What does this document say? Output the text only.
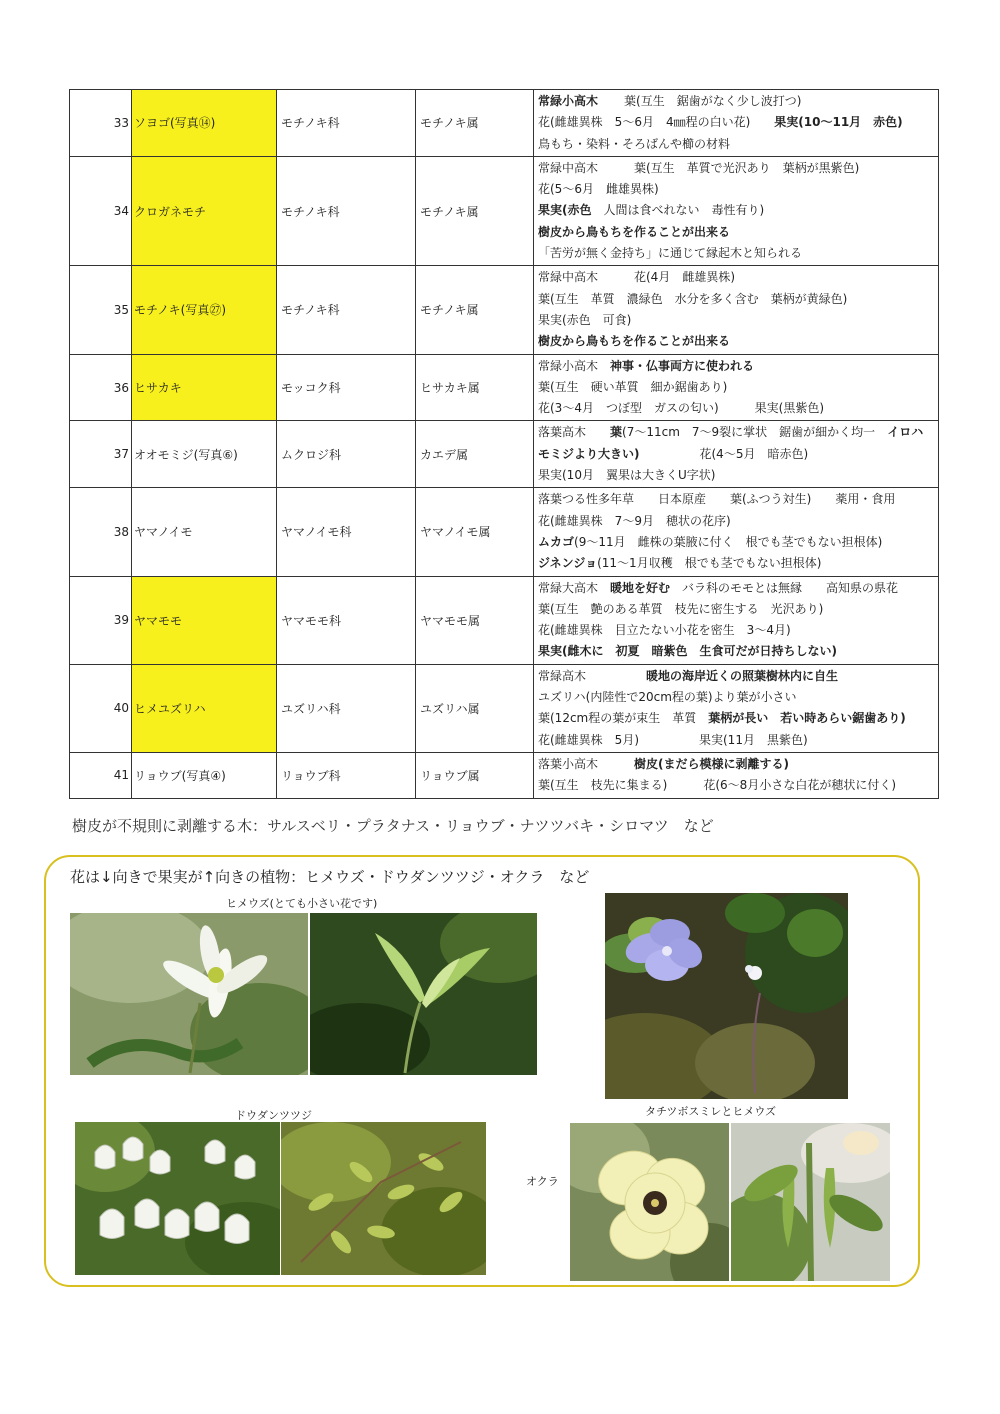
33	ソヨゴ(写真⑭)	モチノキ科	モチノキ属	常緑小高木　葉(互生　鋸歯がなく少し波打つ)
花(雌雄異株　5〜6月　4㎜程の白い花)　　果実(10〜11月　赤色)
鳥もち・染料・そろばんや櫛の材料

34	クロガネモチ	モチノキ科	モチノキ属	常緑中高木　　　葉(互生　革質で光沢あり　葉柄が黒紫色)
花(5〜6月　雌雄異株)
果実(赤色　人間は食べれない　毒性有り)
樹皮から鳥もちを作ることが出来る
「苦労が無く金持ち」に通じて縁起木と知られる

35	モチノキ(写真㉗)	モチノキ科	モチノキ属	常緑中高木　　　花(4月　雌雄異株)
葉(互生　革質　濃緑色　水分を多く含む　葉柄が黄緑色)
果実(赤色　可食)
樹皮から鳥もちを作ることが出来る

36	ヒサカキ	モッコク科	ヒサカキ属	常緑小高木　神事・仏事両方に使われる
葉(互生　硬い革質　細か鋸歯あり)
花(3〜4月　つぼ型　ガスの匂い)　　　果実(黒紫色)

37	オオモミジ(写真⑥)	ムクロジ科	カエデ属	落葉高木　　葉(7〜11cm　7〜9裂に掌状　鋸歯が細かく均一　イロハ
モミジより大きい)　　　　　花(4〜5月　暗赤色)
果実(10月　翼果は大きくU字状)

38	ヤマノイモ	ヤマノイモ科	ヤマノイモ属	落葉つる性多年草　　日本原産　　葉(ふつう対生)　　薬用・食用
花(雌雄異株　7〜9月　穂状の花序)
ムカゴ(9〜11月　雌株の葉腋に付く　根でも茎でもない担根体)
ジネンジョ(11〜1月収穫　根でも茎でもない担根体)

39	ヤマモモ	ヤマモモ科	ヤマモモ属	常緑大高木　暖地を好む　バラ科のモモとは無縁　　高知県の県花
葉(互生　艶のある革質　枝先に密生する　光沢あり)
花(雌雄異株　目立たない小花を密生　3〜4月)
果実(雌木に　初夏　暗紫色　生食可だが日持ちしない)

40	ヒメユズリハ	ユズリハ科	ユズリハ属	常緑高木　　　　　暖地の海岸近くの照葉樹林内に自生
ユズリハ(内陸性で20cm程の葉)より葉が小さい
葉(12cm程の葉が束生　革質　葉柄が長い　若い時あらい鋸歯あり)
花(雌雄異株　5月)　　　　　果実(11月　黒紫色)

41	リョウブ(写真④)	リョウブ科	リョウブ属	落葉小高木　　　樹皮(まだら模様に剥離する)
葉(互生　枝先に集まる)　　　花(6〜8月小さな白花が穂状に付く)
樹皮が不規則に剥離する木：サルスベリ・プラタナス・リョウブ・ナツツバキ・シロマツ　など
花は↓向きで果実が↑向きの植物：ヒメウズ・ドウダンツツジ・オクラ　など
ヒメウズ(とても小さい花です)
タチツボスミレとヒメウズ
ドウダンツツジ
オクラ
